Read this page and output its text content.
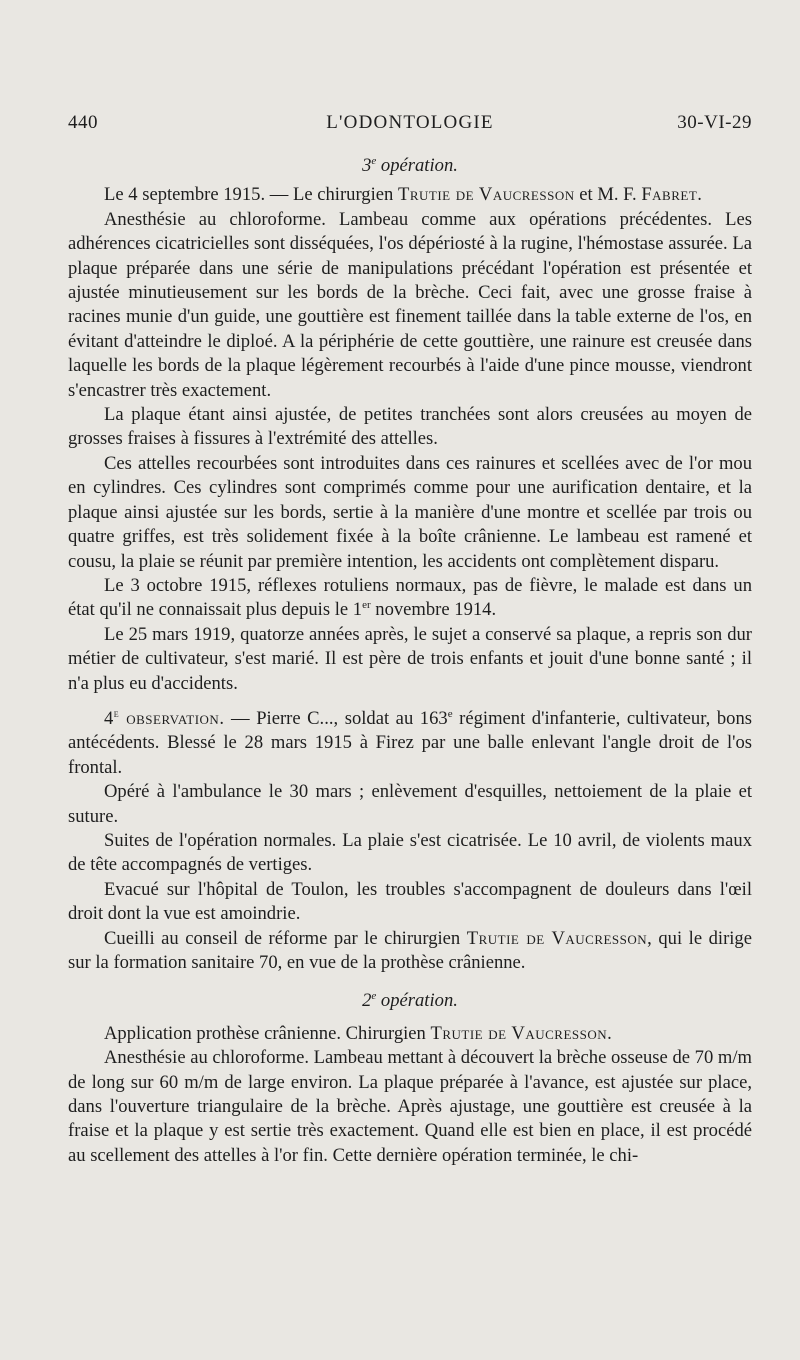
440	L'ODONTOLOGIE	30-VI-29
3e opération.

Le 4 septembre 1915. — Le chirurgien Trutie de Vaucresson et M. F. Fabret.

Anesthésie au chloroforme. Lambeau comme aux opérations précédentes. Les adhérences cicatricielles sont disséquées, l'os dépériosté à la rugine, l'hémostase assurée. La plaque préparée dans une série de manipulations précédant l'opération est présentée et ajustée minutieusement sur les bords de la brèche. Ceci fait, avec une grosse fraise à racines munie d'un guide, une gouttière est finement taillée dans la table externe de l'os, en évitant d'atteindre le diploé. A la périphérie de cette gouttière, une rainure est creusée dans laquelle les bords de la plaque légèrement recourbés à l'aide d'une pince mousse, viendront s'encastrer très exactement.

La plaque étant ainsi ajustée, de petites tranchées sont alors creusées au moyen de grosses fraises à fissures à l'extrémité des attelles.

Ces attelles recourbées sont introduites dans ces rainures et scellées avec de l'or mou en cylindres. Ces cylindres sont comprimés comme pour une aurification dentaire, et la plaque ainsi ajustée sur les bords, sertie à la manière d'une montre et scellée par trois ou quatre griffes, est très solidement fixée à la boîte crânienne. Le lambeau est ramené et cousu, la plaie se réunit par première intention, les accidents ont complètement disparu.

Le 3 octobre 1915, réflexes rotuliens normaux, pas de fièvre, le malade est dans un état qu'il ne connaissait plus depuis le 1er novembre 1914.

Le 25 mars 1919, quatorze années après, le sujet a conservé sa plaque, a repris son dur métier de cultivateur, s'est marié. Il est père de trois enfants et jouit d'une bonne santé ; il n'a plus eu d'accidents.

4e observation. — Pierre C..., soldat au 163e régiment d'infanterie, cultivateur, bons antécédents. Blessé le 28 mars 1915 à Firez par une balle enlevant l'angle droit de l'os frontal.

Opéré à l'ambulance le 30 mars ; enlèvement d'esquilles, nettoiement de la plaie et suture.

Suites de l'opération normales. La plaie s'est cicatrisée. Le 10 avril, de violents maux de tête accompagnés de vertiges.

Evacué sur l'hôpital de Toulon, les troubles s'accompagnent de douleurs dans l'œil droit dont la vue est amoindrie.

Cueilli au conseil de réforme par le chirurgien Trutie de Vaucresson, qui le dirige sur la formation sanitaire 70, en vue de la prothèse crânienne.

2e opération.

Application prothèse crânienne. Chirurgien Trutie de Vaucresson.

Anesthésie au chloroforme. Lambeau mettant à découvert la brèche osseuse de 70 m/m de long sur 60 m/m de large environ. La plaque préparée à l'avance, est ajustée sur place, dans l'ouverture triangulaire de la brèche. Après ajustage, une gouttière est creusée à la fraise et la plaque y est sertie très exactement. Quand elle est bien en place, il est procédé au scellement des attelles à l'or fin. Cette dernière opération terminée, le chi-
